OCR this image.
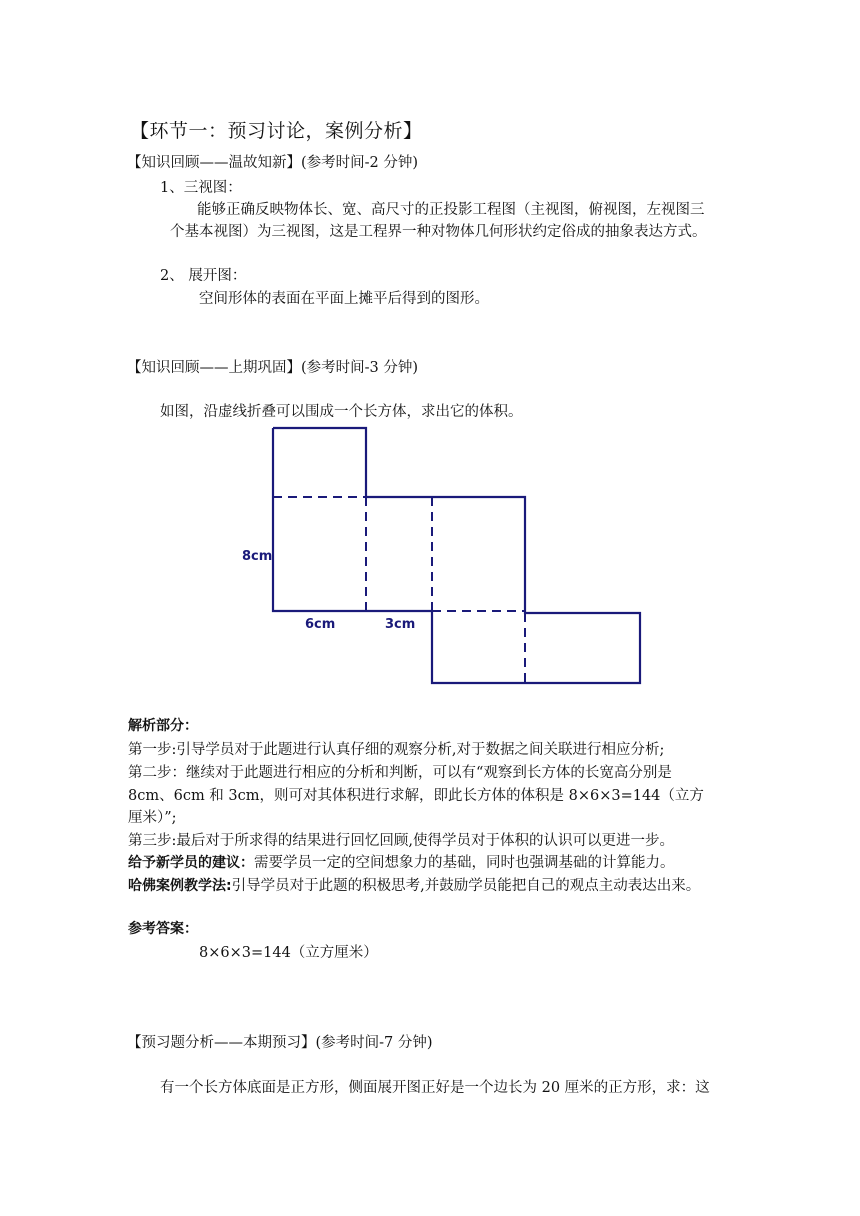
【环节一：预习讨论，案例分析】
【知识回顾——温故知新】(参考时间-2 分钟)
1、三视图：
能够正确反映物体长、宽、高尺寸的正投影工程图（主视图，俯视图，左视图三
个基本视图）为三视图，这是工程界一种对物体几何形状约定俗成的抽象表达方式。
2、 展开图：
空间形体的表面在平面上摊平后得到的图形。
【知识回顾——上期巩固】(参考时间-3 分钟)
如图，沿虚线折叠可以围成一个长方体，求出它的体积。
8cm
6cm	3cm
解析部分：
第一步:引导学员对于此题进行认真仔细的观察分析,对于数据之间关联进行相应分析;
第二步：继续对于此题进行相应的分析和判断，可以有“观察到长方体的长宽高分别是
8cm、6cm 和 3cm，则可对其体积进行求解，即此长方体的体积是 8×6×3=144（立方
厘米）”;
第三步:最后对于所求得的结果进行回忆回顾,使得学员对于体积的认识可以更进一步。
给予新学员的建议：需要学员一定的空间想象力的基础，同时也强调基础的计算能力。
哈佛案例教学法:引导学员对于此题的积极思考,并鼓励学员能把自己的观点主动表达出来。
参考答案：
8×6×3=144（立方厘米）
【预习题分析——本期预习】(参考时间-7 分钟)
有一个长方体底面是正方形，侧面展开图正好是一个边长为 20 厘米的正方形，求：这
